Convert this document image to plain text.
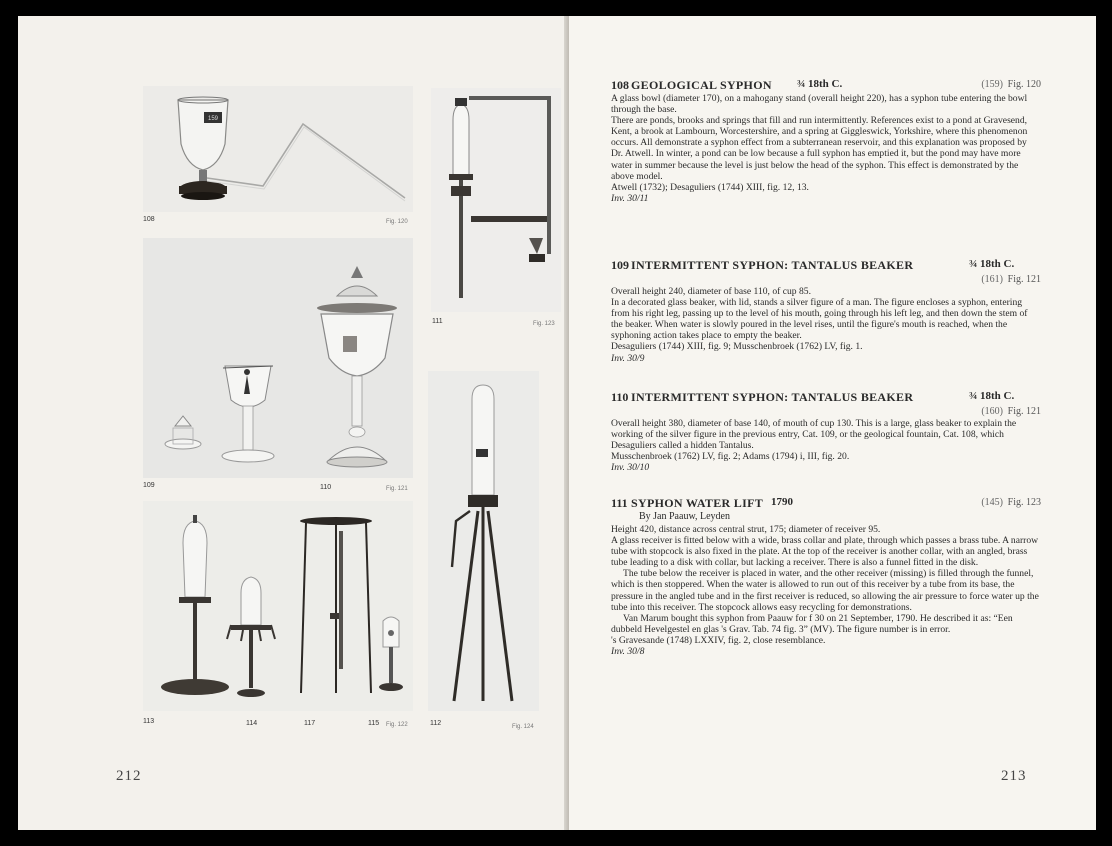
159
108	Fig. 120
111	Fig. 123
109	110	Fig. 121
113	114	117	115 Fig. 122	112	Fig. 124
212
108 GEOLOGICAL SYPHON ¾ 18th C.	(159) Fig. 120

A glass bowl (diameter 170), on a mahogany stand (overall height 220), has a syphon tube entering the bowl through the base.

There are ponds, brooks and springs that fill and run intermittently. References exist to a pond at Gravesend, Kent, a brook at Lambourn, Worcestershire, and a spring at Giggleswick, Yorkshire, where this phenomenon occurs. All demonstrate a syphon effect from a subterranean reservoir, and this explanation was proposed by Dr. Atwell. In winter, a pond can be low because a full syphon has emptied it, but the pond may have more water in summer because the level is just below the head of the syphon. This effect is demonstrated by the above model.

Atwell (1732); Desaguliers (1744) XIII, fig. 12, 13.

Inv. 30/11

109 INTERMITTENT SYPHON: TANTALUS BEAKER	¾ 18th C.
(161) Fig. 121

Overall height 240, diameter of base 110, of cup 85.

In a decorated glass beaker, with lid, stands a silver figure of a man. The figure encloses a syphon, entering from his right leg, passing up to the level of his mouth, going through his left leg, and then down the stem of the beaker. When water is slowly poured in the level rises, until the figure's mouth is reached, when the syphoning action takes place to empty the beaker.

Desaguliers (1744) XIII, fig. 9; Musschenbroek (1762) LV, fig. 1.

Inv. 30/9

110 INTERMITTENT SYPHON: TANTALUS BEAKER	¾ 18th C.
(160) Fig. 121

Overall height 380, diameter of base 140, of mouth of cup 130. This is a large, glass beaker to explain the working of the silver figure in the previous entry, Cat. 109, or the geological fountain, Cat. 108, which Desaguliers called a hidden Tantalus.

Musschenbroek (1762) LV, fig. 2; Adams (1794) i, III, fig. 20.

Inv. 30/10

111 SYPHON WATER LIFT 1790	(145) Fig. 123
By Jan Paauw, Leyden

Height 420, distance across central strut, 175; diameter of receiver 95.

A glass receiver is fitted below with a wide, brass collar and plate, through which passes a brass tube. A narrow tube with stopcock is also fixed in the plate. At the top of the receiver is another collar, with an angled, brass tube leading to a disk with collar, but lacking a receiver. There is also a funnel fitted in the disk.

The tube below the receiver is placed in water, and the other receiver (missing) is filled through the funnel, which is then stoppered. When the water is allowed to run out of this receiver by a tube from its base, the pressure in the angled tube and in the first receiver is reduced, so allowing the air pressure to force water up the tube into this receiver. The stopcock allows easy recycling for demonstrations.

Van Marum bought this syphon from Paauw for f 30 on 21 September, 1790. He described it as: “Een dubbeld Hevelgestel en glas 's Grav. Tab. 74 fig. 3” (MV). The figure number is in error.

's Gravesande (1748) LXXIV, fig. 2, close resemblance.

Inv. 30/8

213
